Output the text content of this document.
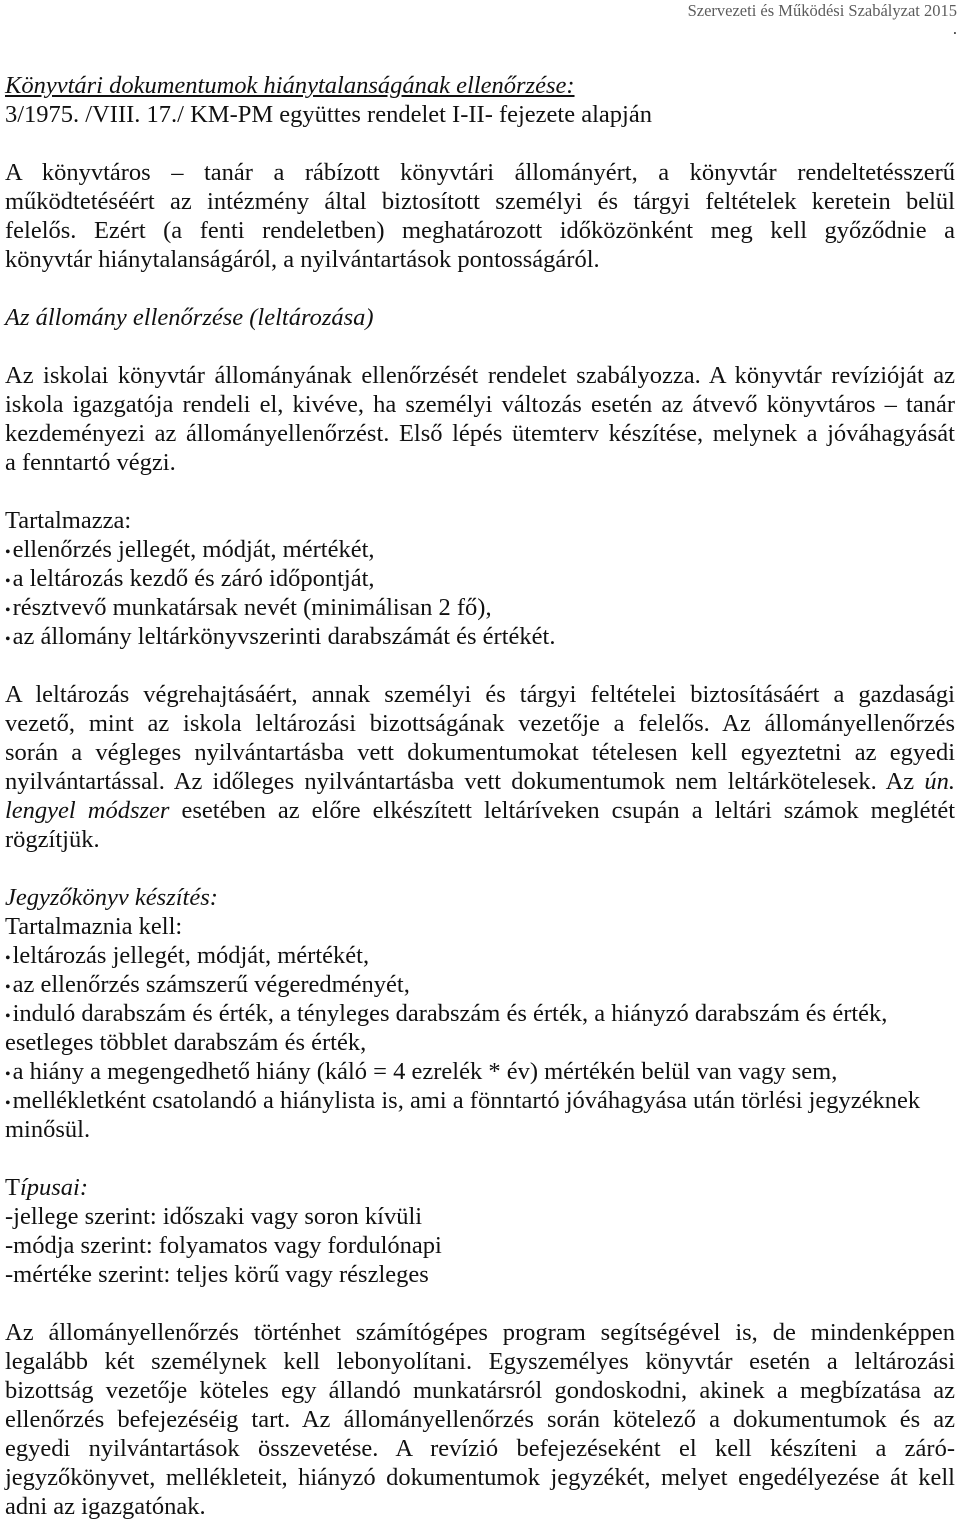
Szervezeti és Működési Szabályzat 2015
.
Könyvtári dokumentumok hiánytalanságának ellenőrzése:
3/1975. /VIII. 17./ KM-PM együttes rendelet I-II- fejezete alapján
A könyvtáros – tanár a rábízott könyvtári állományért, a könyvtár rendeltetésszerű
működtetéséért az intézmény által biztosított személyi és tárgyi feltételek keretein belül
felelős. Ezért (a fenti rendeletben) meghatározott időközönként meg kell győződnie a
könyvtár hiánytalanságáról, a nyilvántartások pontosságáról.
Az állomány ellenőrzése (leltározása)
Az iskolai könyvtár állományának ellenőrzését rendelet szabályozza. A könyvtár revízióját az
iskola igazgatója rendeli el, kivéve, ha személyi változás esetén az átvevő könyvtáros – tanár
kezdeményezi az állományellenőrzést. Első lépés ütemterv készítése, melynek a jóváhagyását
a fenntartó végzi.
Tartalmazza:
• ellenőrzés jellegét, módját, mértékét,
• a leltározás kezdő és záró időpontját,
• résztvevő munkatársak nevét (minimálisan 2 fő),
• az állomány leltárkönyvszerinti darabszámát és értékét.
A leltározás végrehajtásáért, annak személyi és tárgyi feltételei biztosításáért a gazdasági
vezető, mint az iskola leltározási bizottságának vezetője a felelős. Az állományellenőrzés
során a végleges nyilvántartásba vett dokumentumokat tételesen kell egyeztetni az egyedi
nyilvántartással. Az időleges nyilvántartásba vett dokumentumok nem leltárkötelesek. Az ún.
lengyel módszer esetében az előre elkészített leltáríveken csupán a leltári számok meglétét
rögzítjük.
Jegyzőkönyv készítés:
Tartalmaznia kell:
• leltározás jellegét, módját, mértékét,
• az ellenőrzés számszerű végeredményét,
• induló darabszám és érték, a tényleges darabszám és érték, a hiányzó darabszám és érték,
esetleges többlet darabszám és érték,
• a hiány a megengedhető hiány (káló = 4 ezrelék * év) mértékén belül van vagy sem,
• mellékletként csatolandó a hiánylista is, ami a fönntartó jóváhagyása után törlési jegyzéknek
minősül.
Típusai:
-jellege szerint: időszaki vagy soron kívüli
-módja szerint: folyamatos vagy fordulónapi
-mértéke szerint: teljes körű vagy részleges
Az állományellenőrzés történhet számítógépes program segítségével is, de mindenképpen
legalább két személynek kell lebonyolítani. Egyszemélyes könyvtár esetén a leltározási
bizottság vezetője köteles egy állandó munkatársról gondoskodni, akinek a megbízatása az
ellenőrzés befejezéséig tart. Az állományellenőrzés során kötelező a dokumentumok és az
egyedi nyilvántartások összevetése. A revízió befejezéseként el kell készíteni a záró-
jegyzőkönyvet, mellékleteit, hiányzó dokumentumok jegyzékét, melyet engedélyezése át kell
adni az igazgatónak.
